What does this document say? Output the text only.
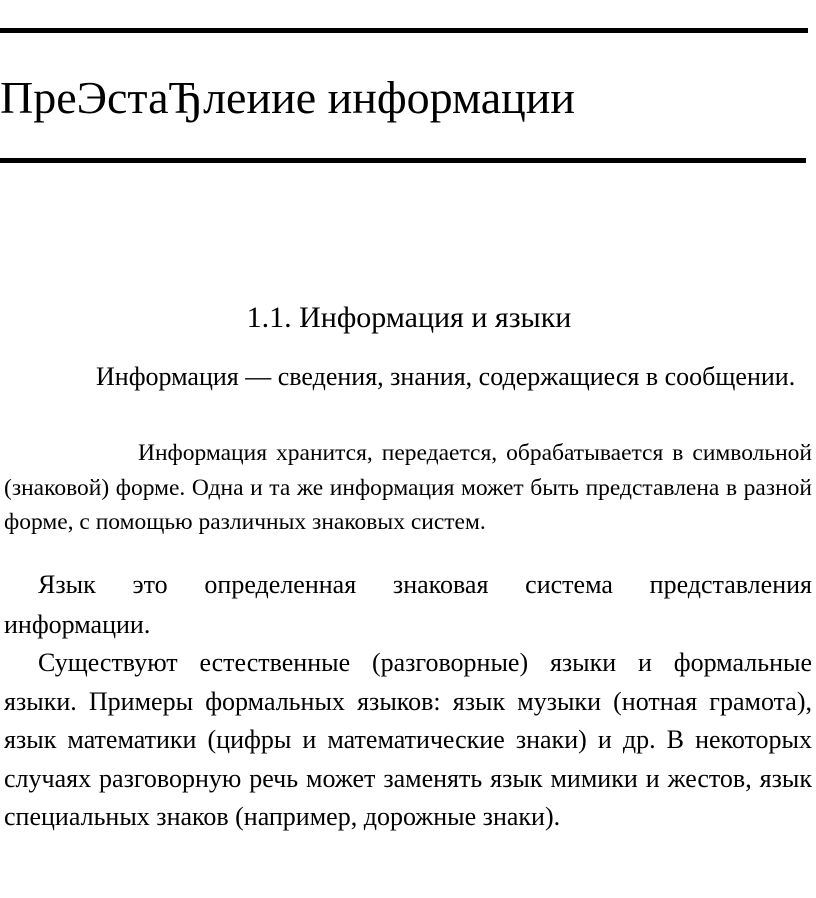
ПреЭстаЂлеиие информации
1.1. Информация и языки

Информация — сведения, знания, содержащиеся в сообщении.

Информация хранится, передается, обрабатывается в символьной (знаковой) форме. Одна и та же информация может быть представлена в разной форме, с помощью различных знаковых систем.

Язык это определенная знаковая система представления информации.

Существуют естественные (разговорные) языки и формальные языки. Примеры формальных языков: язык музыки (нотная грамота), язык математики (цифры и математические знаки) и др. В некоторых случаях разговорную речь может заменять язык мимики и жестов, язык специальных знаков (например, дорожные знаки).
